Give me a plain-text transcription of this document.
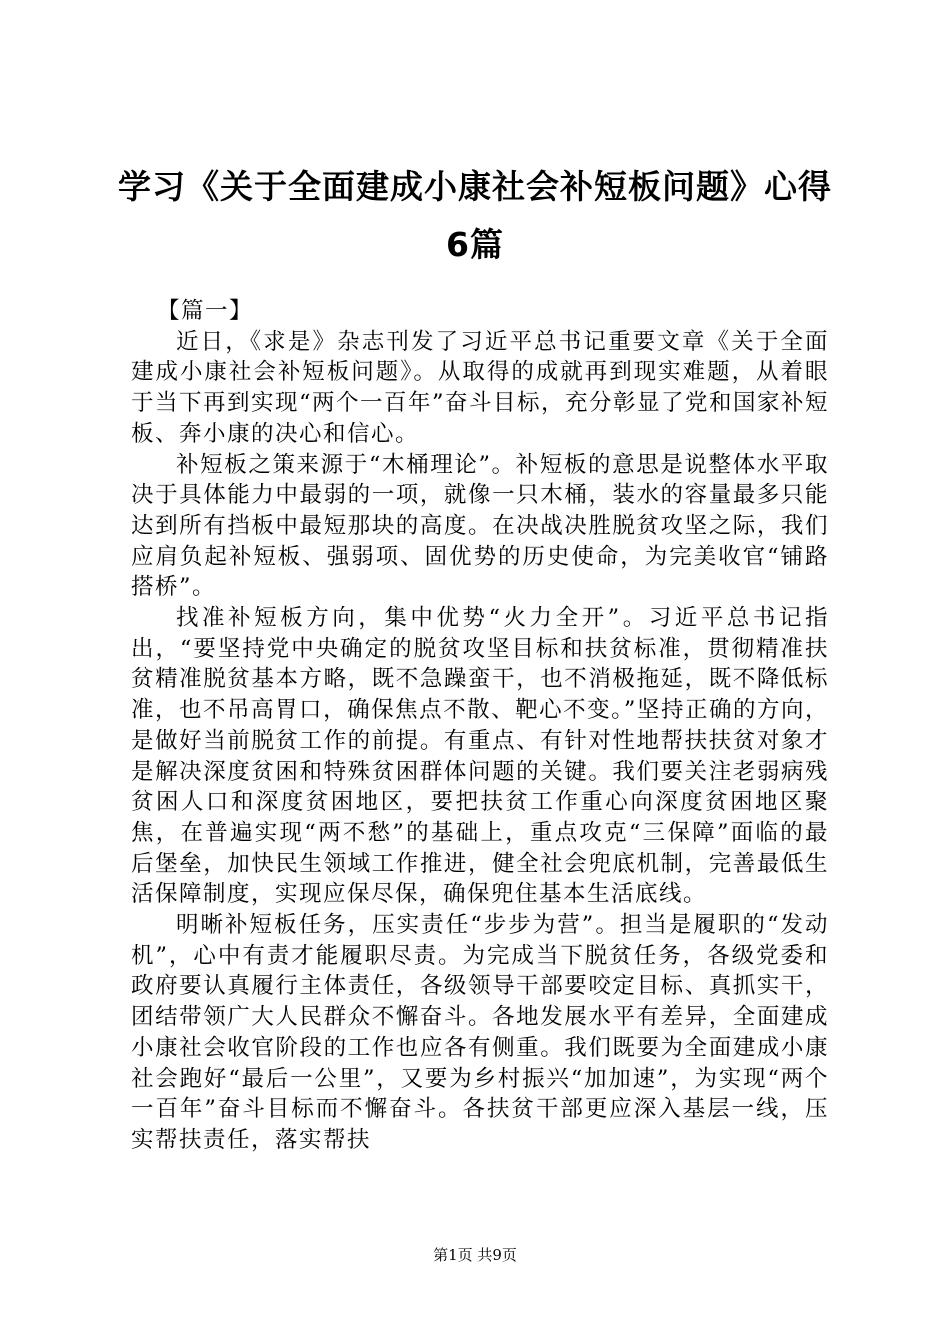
学习《关于全面建成小康社会补短板问题》心得6篇

【篇一】

近日，《求是》杂志刊发了习近平总书记重要文章《关于全面建成小康社会补短板问题》。从取得的成就再到现实难题，从着眼于当下再到实现“两个一百年”奋斗目标，充分彰显了党和国家补短板、奔小康的决心和信心。

补短板之策来源于“木桶理论”。补短板的意思是说整体水平取决于具体能力中最弱的一项，就像一只木桶，装水的容量最多只能达到所有挡板中最短那块的高度。在决战决胜脱贫攻坚之际，我们应肩负起补短板、强弱项、固优势的历史使命，为完美收官“铺路搭桥”。

找准补短板方向，集中优势“火力全开”。习近平总书记指出，“要坚持党中央确定的脱贫攻坚目标和扶贫标准，贯彻精准扶贫精准脱贫基本方略，既不急躁蛮干，也不消极拖延，既不降低标准，也不吊高胃口，确保焦点不散、靶心不变。”坚持正确的方向，是做好当前脱贫工作的前提。有重点、有针对性地帮扶扶贫对象才是解决深度贫困和特殊贫困群体问题的关键。我们要关注老弱病残贫困人口和深度贫困地区，要把扶贫工作重心向深度贫困地区聚焦，在普遍实现“两不愁”的基础上，重点攻克“三保障”面临的最后堡垒，加快民生领域工作推进，健全社会兜底机制，完善最低生活保障制度，实现应保尽保，确保兜住基本生活底线。

明晰补短板任务，压实责任“步步为营”。担当是履职的“发动机”，心中有责才能履职尽责。为完成当下脱贫任务，各级党委和政府要认真履行主体责任，各级领导干部要咬定目标、真抓实干，团结带领广大人民群众不懈奋斗。各地发展水平有差异，全面建成小康社会收官阶段的工作也应各有侧重。我们既要为全面建成小康社会跑好“最后一公里”，又要为乡村振兴“加加速”，为实现“两个一百年”奋斗目标而不懈奋斗。各扶贫干部更应深入基层一线，压实帮扶责任，落实帮扶

第1页 共9页
